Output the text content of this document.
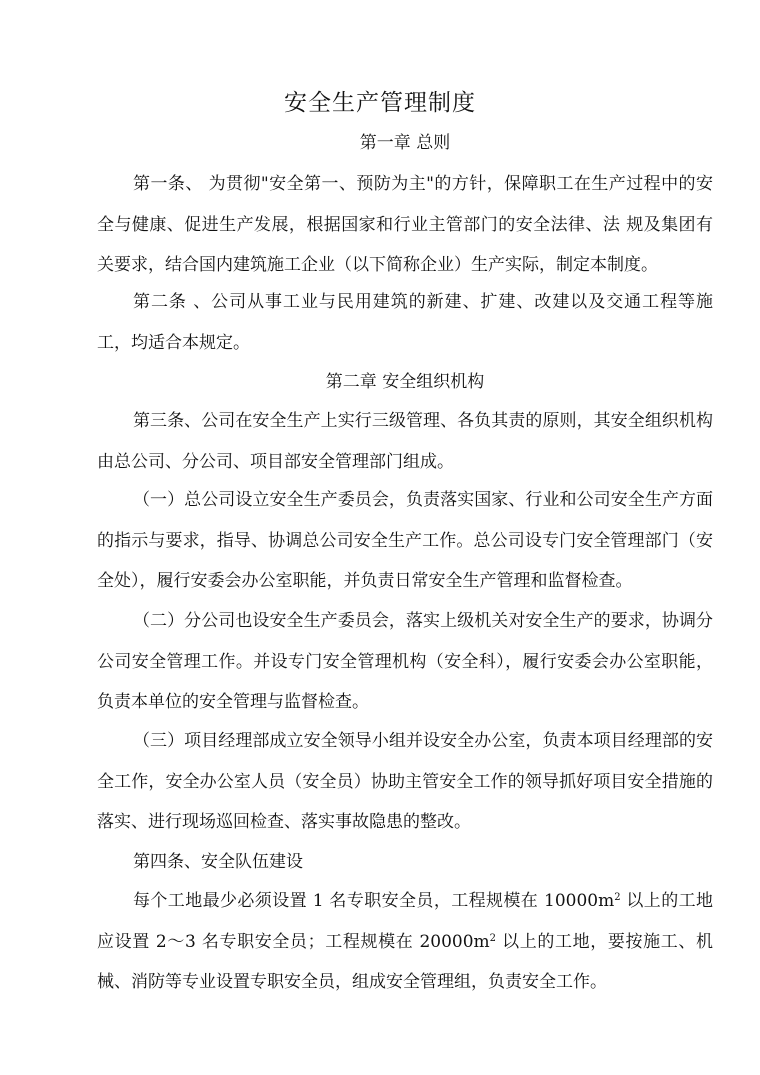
安全生产管理制度
第一章 总则
第一条、 为贯彻"安全第一、预防为主"的方针，保障职工在生产过程中的安全与健康、促进生产发展，根据国家和行业主管部门的安全法律、法 规及集团有关要求，结合国内建筑施工企业（以下简称企业）生产实际，制定本制度。
第二条 、公司从事工业与民用建筑的新建、扩建、改建以及交通工程等施工，均适合本规定。
第二章 安全组织机构
第三条、公司在安全生产上实行三级管理、各负其责的原则，其安全组织机构由总公司、分公司、项目部安全管理部门组成。
（一）总公司设立安全生产委员会，负责落实国家、行业和公司安全生产方面的指示与要求，指导、协调总公司安全生产工作。总公司设专门安全管理部门（安全处），履行安委会办公室职能，并负责日常安全生产管理和监督检查。
（二）分公司也设安全生产委员会，落实上级机关对安全生产的要求，协调分公司安全管理工作。并设专门安全管理机构（安全科），履行安委会办公室职能，负责本单位的安全管理与监督检查。
（三）项目经理部成立安全领导小组并设安全办公室，负责本项目经理部的安全工作，安全办公室人员（安全员）协助主管安全工作的领导抓好项目安全措施的落实、进行现场巡回检查、落实事故隐患的整改。
第四条、安全队伍建设
每个工地最少必须设置 1 名专职安全员，工程规模在 $10000m^2$ 以上的工地应设置 2～3 名专职安全员；工程规模在 $20000m^2$ 以上的工地，要按施工、机械、消防等专业设置专职安全员，组成安全管理组，负责安全工作。
